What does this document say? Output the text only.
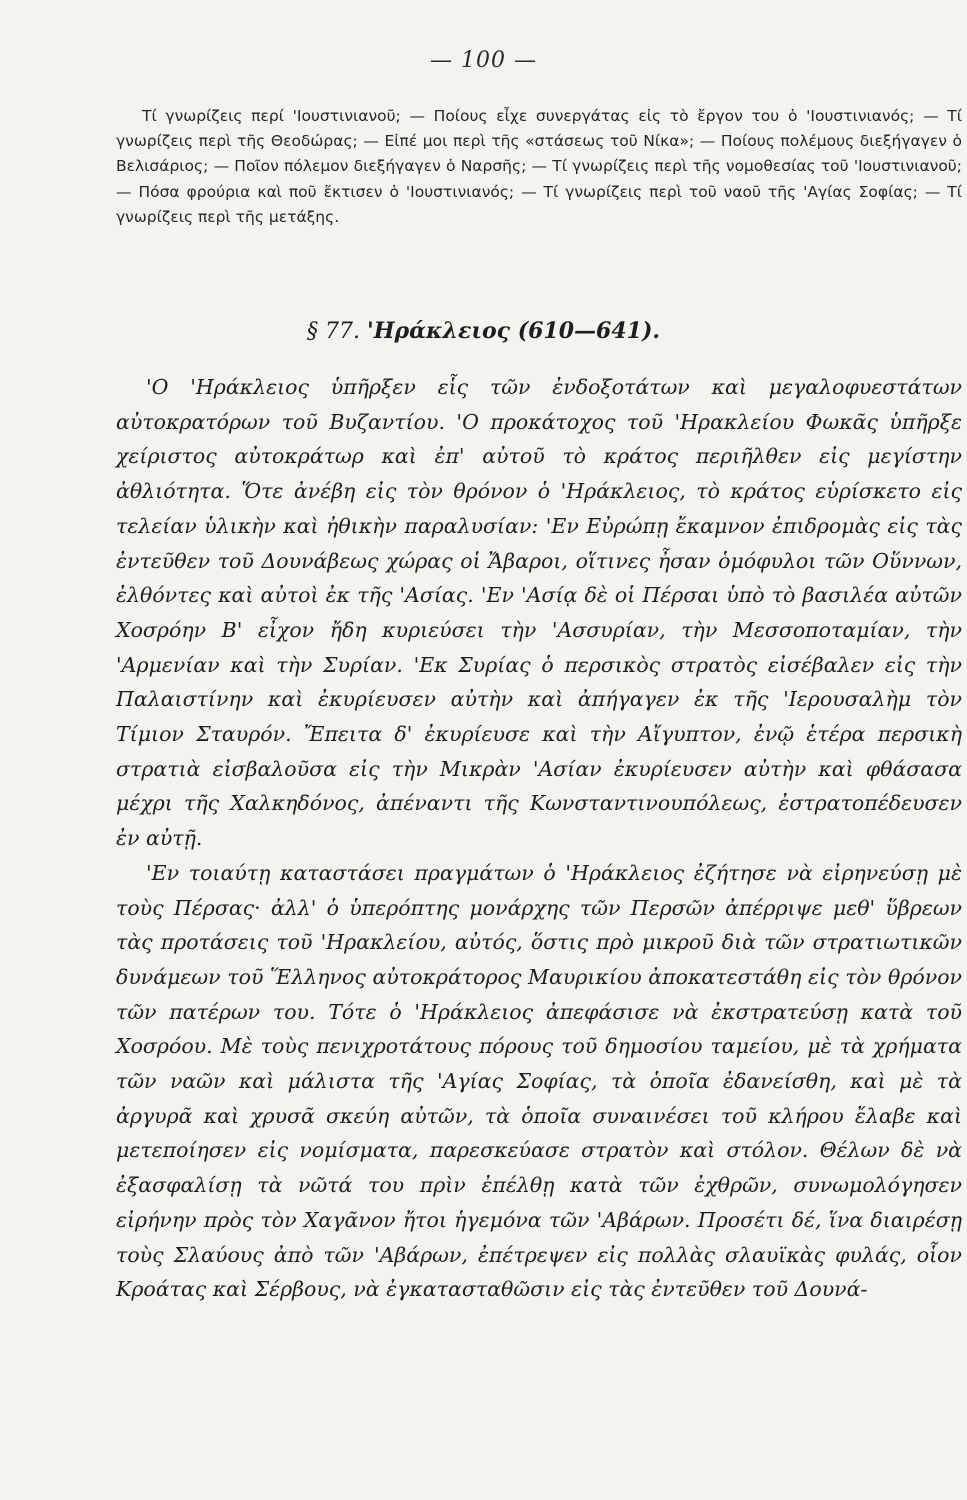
— 100 —
Τί γνωρίζεις περί 'Ιουστινιανοῦ; — Ποίους εἶχε συνεργάτας εἰς τὸ ἔργον του ὁ 'Ιουστινιανός; — Τί γνωρίζεις περὶ τῆς Θεοδώρας; — Εἰπέ μοι περὶ τῆς «στάσεως τοῦ Νίκα»; — Ποίους πολέμους διεξήγαγεν ὁ Βελισάριος; — Ποῖον πόλεμον διεξήγαγεν ὁ Ναρσῆς; — Τί γνωρίζεις περὶ τῆς νομοθεσίας τοῦ 'Ιουστινιανοῦ; — Πόσα φρούρια καὶ ποῦ ἔκτισεν ὁ 'Ιουστινιανός; — Τί γνωρίζεις περὶ τοῦ ναοῦ τῆς 'Αγίας Σοφίας; — Τί γνωρίζεις περὶ τῆς μετάξης.
§ 77. 'Ηράκλειος (610—641).

'Ο 'Ηράκλειος ὑπῆρξεν εἷς τῶν ἐνδοξοτάτων καὶ μεγαλοφυεστάτων αὐτοκρατόρων τοῦ Βυζαντίου. 'Ο προκάτοχος τοῦ 'Ηρακλείου Φωκᾶς ὑπῆρξε χείριστος αὐτοκράτωρ καὶ ἐπ' αὐτοῦ τὸ κράτος περιῆλθεν εἰς μεγίστην ἀθλιότητα. Ὅτε ἀνέβη εἰς τὸν θρόνον ὁ 'Ηράκλειος, τὸ κράτος εὑρίσκετο εἰς τελείαν ὑλικὴν καὶ ἠθικὴν παραλυσίαν: 'Εν Εὐρώπῃ ἔκαμνον ἐπιδρομὰς εἰς τὰς ἐντεῦθεν τοῦ Δουνάβεως χώρας οἱ Ἄβαροι, οἵτινες ἦσαν ὁμόφυλοι τῶν Οὕννων, ἐλθόντες καὶ αὐτοὶ ἐκ τῆς 'Ασίας. 'Εν 'Ασίᾳ δὲ οἱ Πέρσαι ὑπὸ τὸ βασιλέα αὐτῶν Χοσρόην Β' εἶχον ἤδη κυριεύσει τὴν 'Ασσυρίαν, τὴν Μεσσοποταμίαν, τὴν 'Αρμενίαν καὶ τὴν Συρίαν. 'Εκ Συρίας ὁ περσικὸς στρατὸς εἰσέβαλεν εἰς τὴν Παλαιστίνην καὶ ἐκυρίευσεν αὐτὴν καὶ ἀπήγαγεν ἐκ τῆς 'Ιερουσαλὴμ τὸν Τίμιον Σταυρόν. Ἔπειτα δ' ἐκυρίευσε καὶ τὴν Αἴγυπτον, ἐνῷ ἑτέρα περσικὴ στρατιὰ εἰσβαλοῦσα εἰς τὴν Μικρὰν 'Ασίαν ἐκυρίευσεν αὐτὴν καὶ φθάσασα μέχρι τῆς Χαλκηδόνος, ἀπέναντι τῆς Κωνσταντινουπόλεως, ἐστρατοπέδευσεν ἐν αὐτῇ.

'Εν τοιαύτῃ καταστάσει πραγμάτων ὁ 'Ηράκλειος ἐζήτησε νὰ εἰρηνεύσῃ μὲ τοὺς Πέρσας· ἀλλ' ὁ ὑπερόπτης μονάρχης τῶν Περσῶν ἀπέρριψε μεθ' ὕβρεων τὰς προτάσεις τοῦ 'Ηρακλείου, αὐτός, ὅστις πρὸ μικροῦ διὰ τῶν στρατιωτικῶν δυνάμεων τοῦ Ἕλληνος αὐτοκράτορος Μαυρικίου ἀποκατεστάθη εἰς τὸν θρόνον τῶν πατέρων του. Τότε ὁ 'Ηράκλειος ἀπεφάσισε νὰ ἐκστρατεύσῃ κατὰ τοῦ Χοσρόου. Μὲ τοὺς πενιχροτάτους πόρους τοῦ δημοσίου ταμείου, μὲ τὰ χρήματα τῶν ναῶν καὶ μάλιστα τῆς 'Αγίας Σοφίας, τὰ ὁποῖα ἐδανείσθη, καὶ μὲ τὰ ἀργυρᾶ καὶ χρυσᾶ σκεύη αὐτῶν, τὰ ὁποῖα συναινέσει τοῦ κλήρου ἔλαβε καὶ μετεποίησεν εἰς νομίσματα, παρεσκεύασε στρατὸν καὶ στόλον. Θέλων δὲ νὰ ἐξασφαλίσῃ τὰ νῶτά του πρὶν ἐπέλθῃ κατὰ τῶν ἐχθρῶν, συνωμολόγησεν εἰρήνην πρὸς τὸν Χαγᾶνον ἤτοι ἡγεμόνα τῶν 'Αβάρων. Προσέτι δέ, ἵνα διαιρέσῃ τοὺς Σλαύους ἀπὸ τῶν 'Αβάρων, ἐπέτρεψεν εἰς πολλὰς σλαυϊκὰς φυλάς, οἷον Κροάτας καὶ Σέρβους, νὰ ἐγκατασταθῶσιν εἰς τὰς ἐντεῦθεν τοῦ Δουνά-
